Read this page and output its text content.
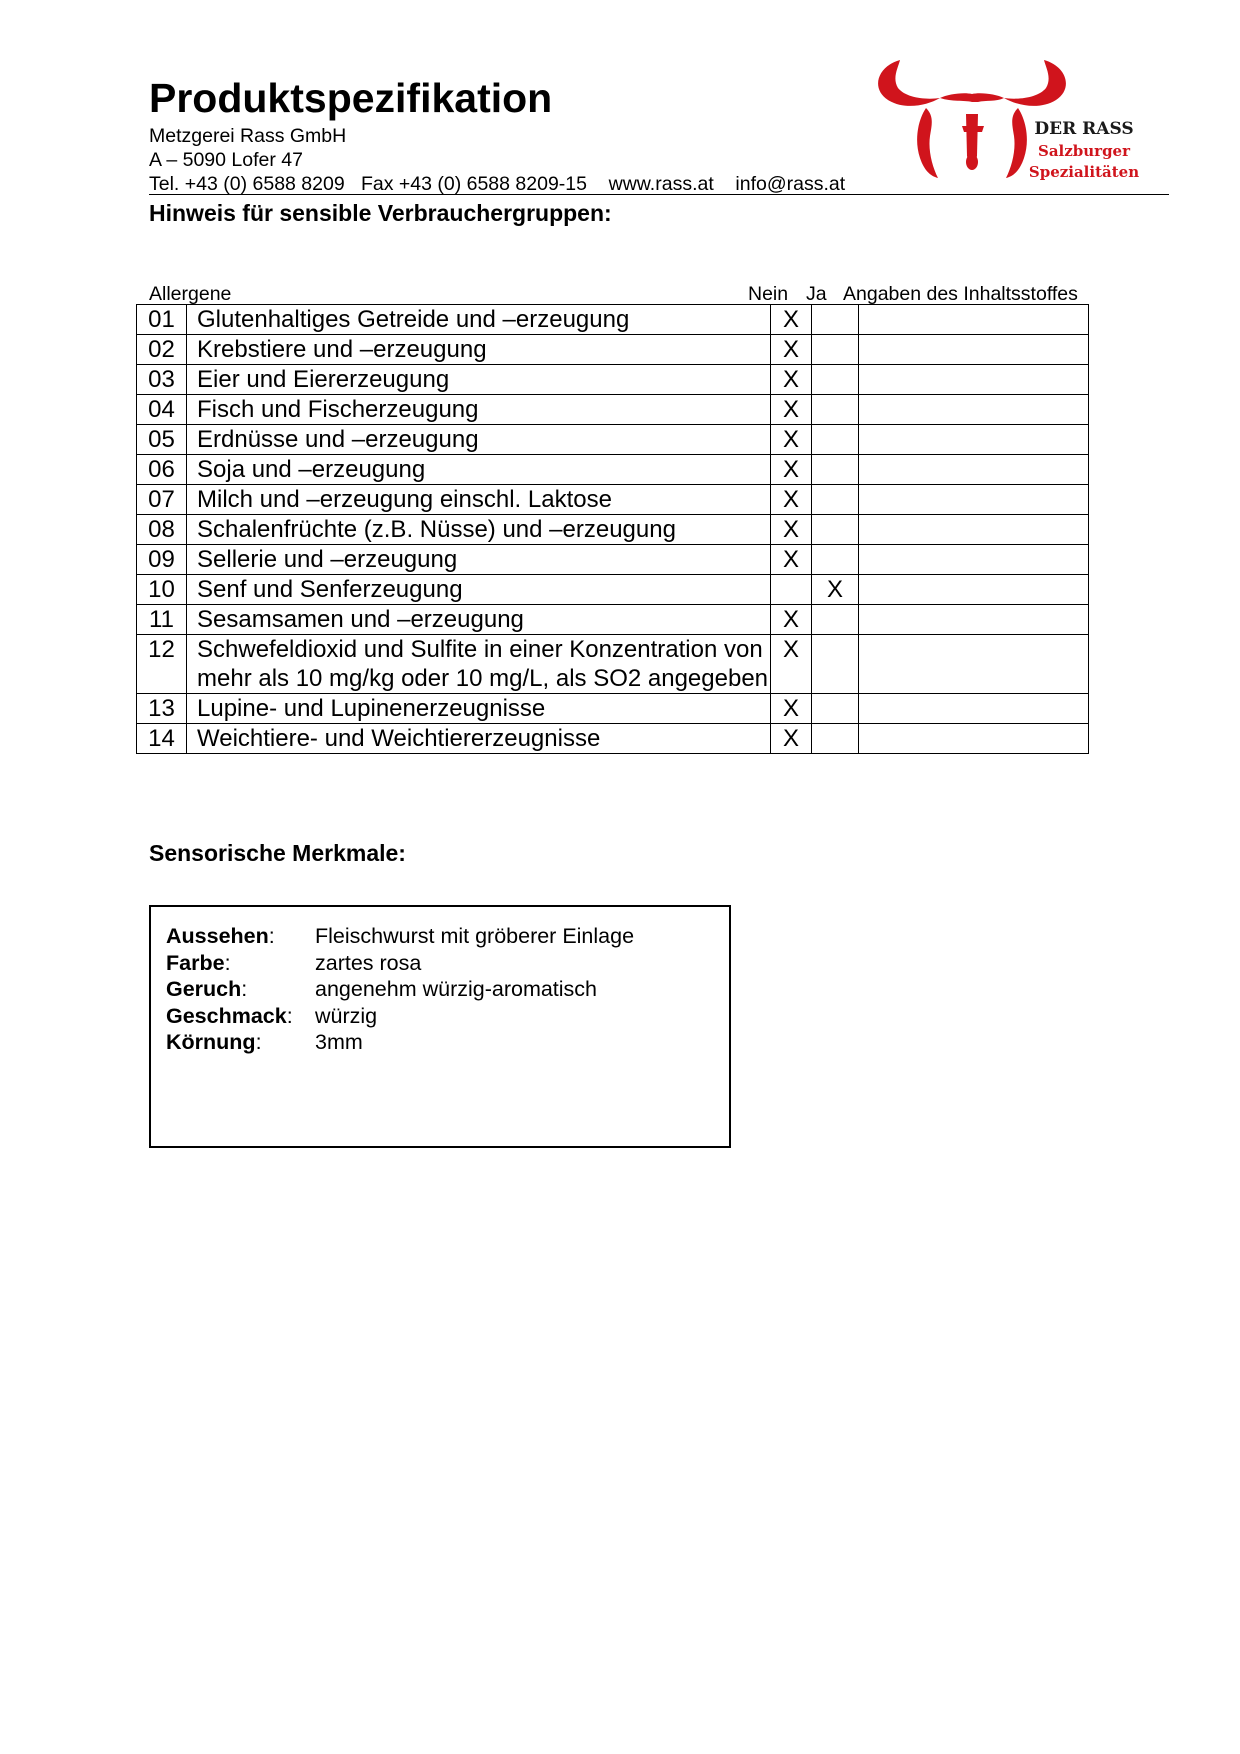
Produktspezifikation
Metzgerei Rass GmbH
A – 5090 Lofer 47
Tel. +43 (0) 6588 8209   Fax +43 (0) 6588 8209-15    www.rass.at    info@rass.at
DER RASS
Salzburger
Spezialitäten
Hinweis für sensible Verbrauchergruppen:
Allergene	Nein Ja Angaben des Inhaltsstoffes
01	Glutenhaltiges Getreide und –erzeugung	X		
02	Krebstiere und –erzeugung	X		
03	Eier und Eiererzeugung	X		
04	Fisch und Fischerzeugung	X		
05	Erdnüsse und –erzeugung	X		
06	Soja und –erzeugung	X		
07	Milch und –erzeugung einschl. Laktose	X		
08	Schalenfrüchte (z.B. Nüsse) und –erzeugung	X		
09	Sellerie und –erzeugung	X		
10	Senf und Senferzeugung		X	
11	Sesamsamen und –erzeugung	X		
12	Schwefeldioxid und Sulfite in einer Konzentration von mehr als 10 mg/kg oder 10 mg/L, als SO2 angegeben	X		
13	Lupine- und Lupinenerzeugnisse	X		
14	Weichtiere- und Weichtiererzeugnisse	X		
Sensorische Merkmale:
Aussehen: Fleischwurst mit gröberer Einlage
Farbe:	zartes rosa
Geruch:	angenehm würzig-aromatisch
Geschmack: würzig
Körnung: 3mm
